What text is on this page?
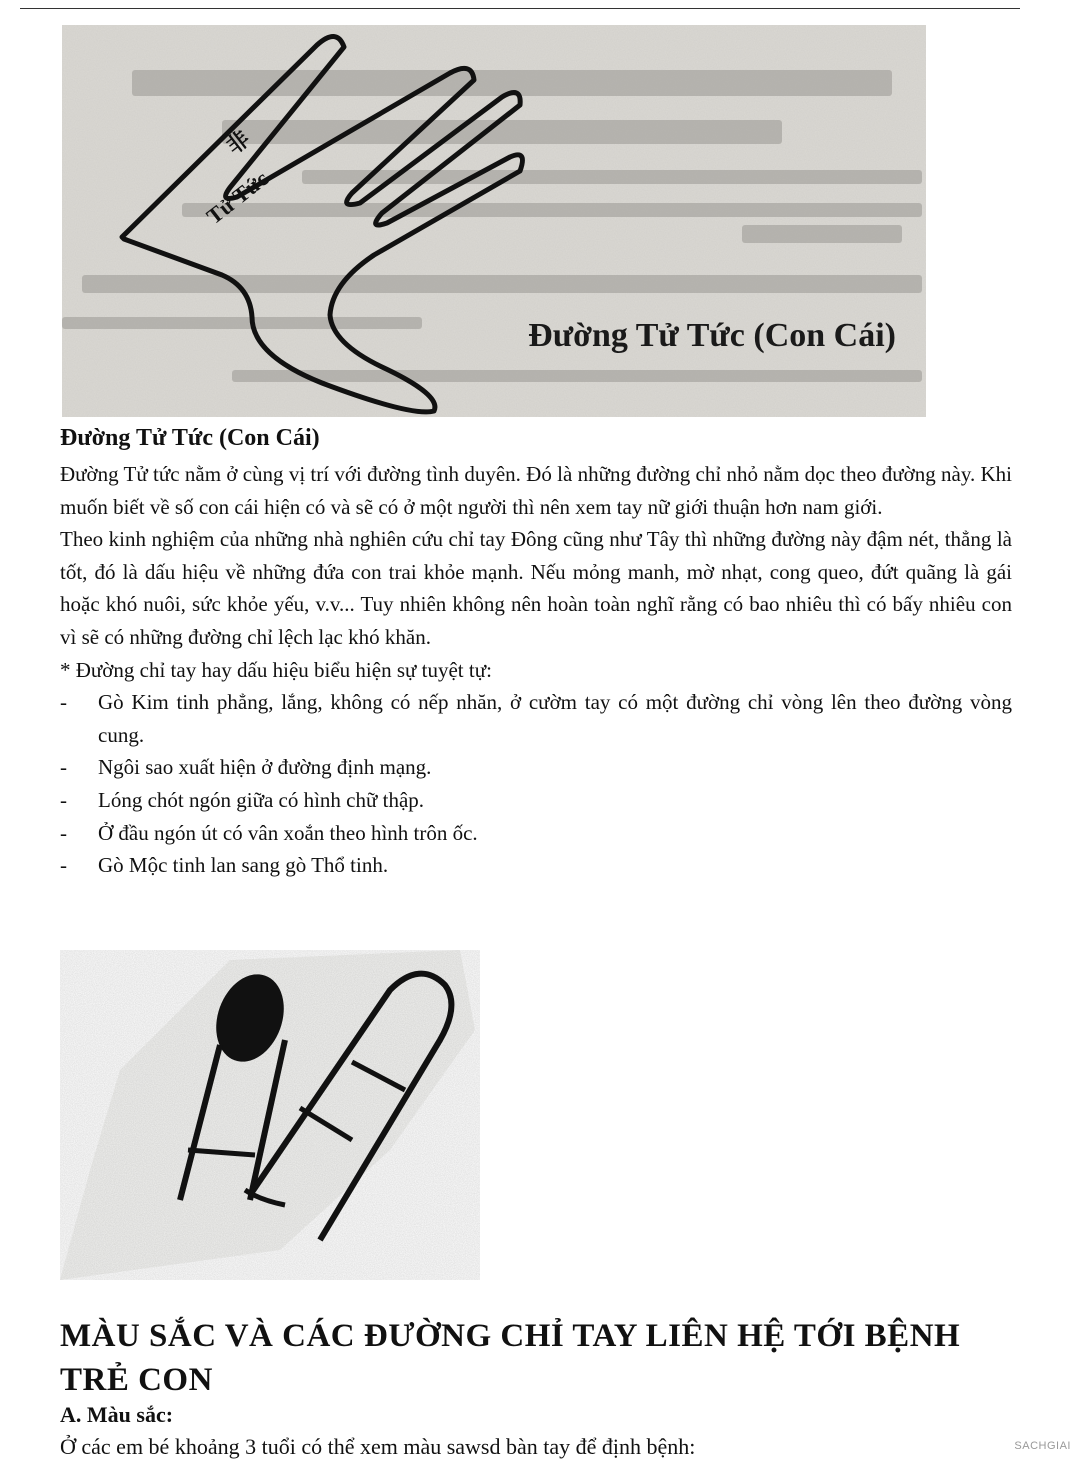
Tử Tức
非
Đường Tử Tức (Con Cái)
Đường Tử Tức (Con Cái)

Đường Tử tức nằm ở cùng vị trí với đường tình duyên. Đó là những đường chỉ nhỏ nằm dọc theo đường này. Khi muốn biết về số con cái hiện có và sẽ có ở một người thì nên xem tay nữ giới thuận hơn nam giới.

Theo kinh nghiệm của những nhà nghiên cứu chỉ tay Đông cũng như Tây thì những đường này đậm nét, thẳng là tốt, đó là dấu hiệu về những đứa con trai khỏe mạnh. Nếu mỏng manh, mờ nhạt, cong queo, đứt quãng là gái hoặc khó nuôi, sức khỏe yếu, v.v... Tuy nhiên không nên hoàn toàn nghĩ rằng có bao nhiêu thì có bấy nhiêu con vì sẽ có những đường chỉ lệch lạc khó khăn.

* Đường chỉ tay hay dấu hiệu biểu hiện sự tuyệt tự:

-	Gò Kim tinh phẳng, lắng, không có nếp nhăn, ở cườm tay có một đường chỉ vòng lên theo đường vòng cung.
-	Ngôi sao xuất hiện ở đường định mạng.
-	Lóng chót ngón giữa có hình chữ thập.
-	Ở đầu ngón út có vân xoắn theo hình trôn ốc.
-	Gò Mộc tinh lan sang gò Thổ tinh.
MÀU SẮC VÀ CÁC ĐƯỜNG CHỈ TAY LIÊN HỆ TỚI BỆNH TRẺ CON
A. Màu sắc:

Ở các em bé khoảng 3 tuổi có thể xem màu sawsd bàn tay để định bệnh:	SACHGIAI
